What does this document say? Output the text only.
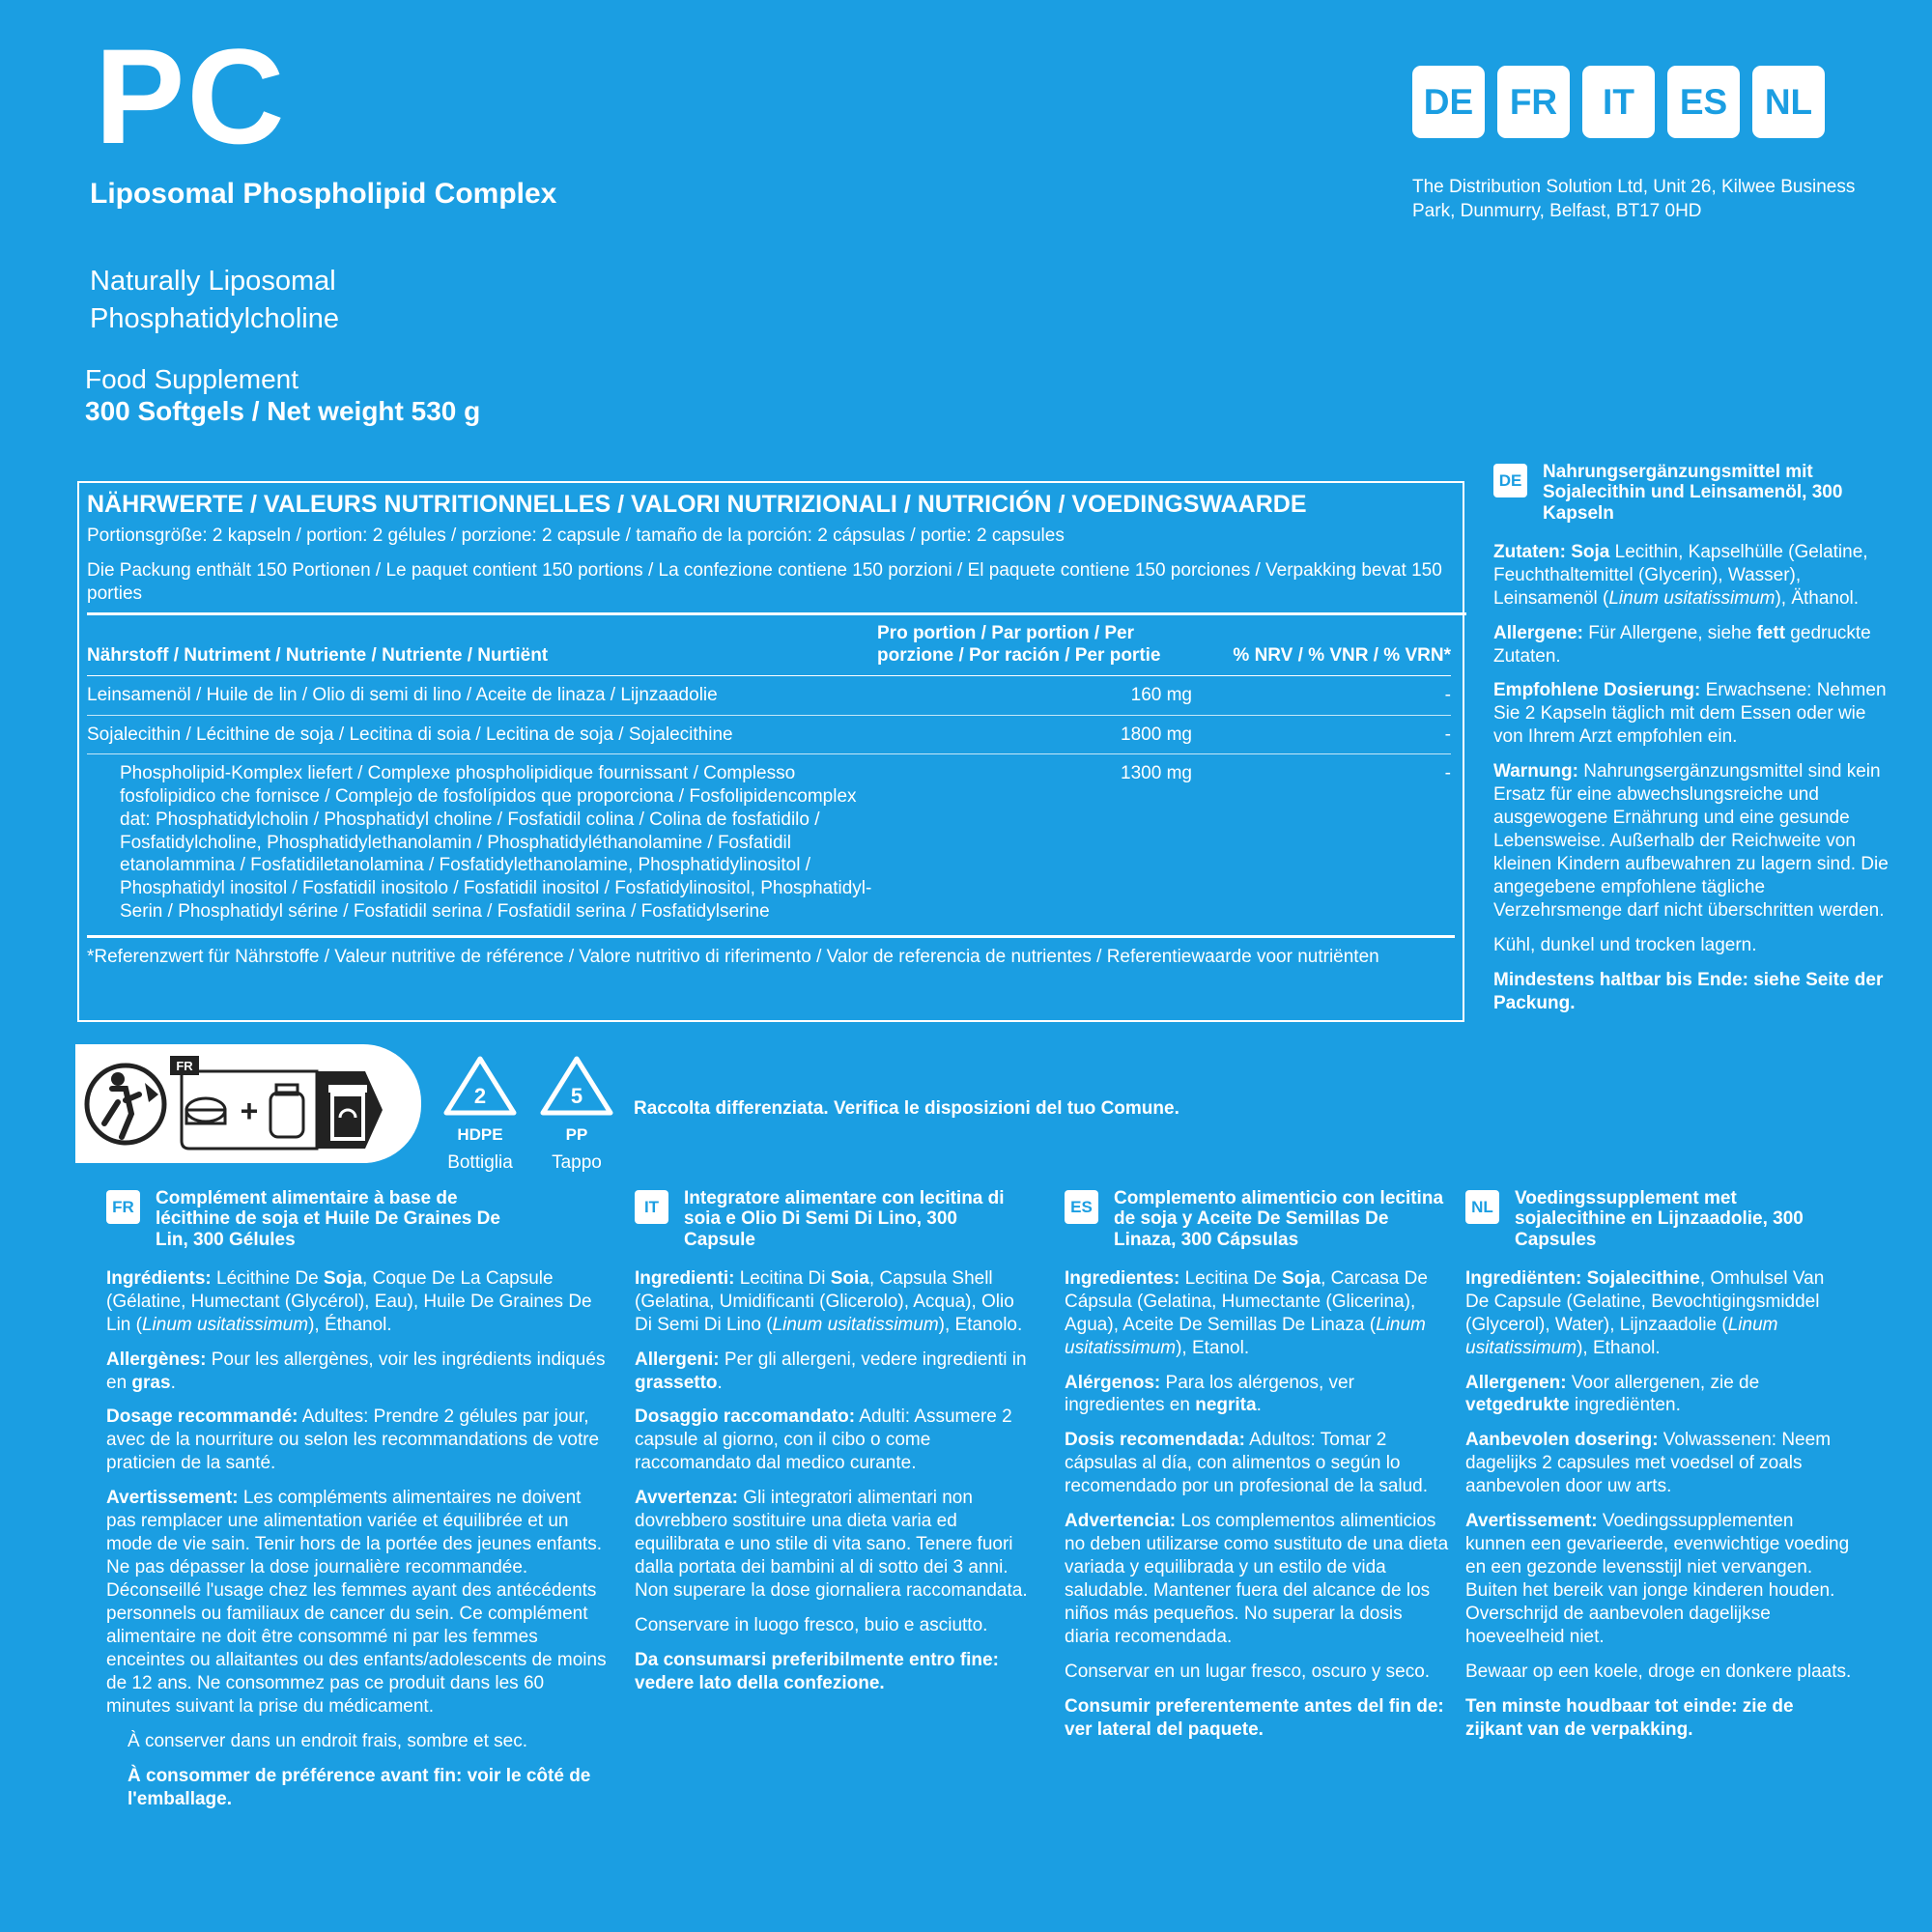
PC
Liposomal Phospholipid Complex
Naturally Liposomal Phosphatidylcholine
Food Supplement
300 Softgels / Net weight 530 g
DE	FR	IT	ES	NL
The Distribution Solution Ltd, Unit 26, Kilwee Business Park, Dunmurry, Belfast, BT17 0HD
NÄHRWERTE / VALEURS NUTRITIONNELLES / VALORI NUTRIZIONALI / NUTRICIÓN / VOEDINGSWAARDE
Portionsgröße: 2 kapseln / portion: 2 gélules / porzione: 2 capsule / tamaño de la porción: 2 cápsulas / portie: 2 capsules
Die Packung enthält 150 Portionen / Le paquet contient 150 portions / La confezione contiene 150 porzioni / El paquete contiene 150 porciones / Verpakking bevat 150 porties
Nährstoff / Nutriment / Nutriente / Nutriente / Nurtiënt	Pro portion / Par portion / Per porzione / Por ración / Per portie	% NRV / % VNR / % VRN*
Leinsamenöl / Huile de lin / Olio di semi di lino / Aceite de linaza / Lijnzaadolie	160 mg	-
Sojalecithin / Lécithine de soja / Lecitina di soia / Lecitina de soja / Sojalecithine	1800 mg	-
Phospholipid-Komplex liefert / Complexe phospholipidique fournissant / Complesso fosfolipidico che fornisce / Complejo de fosfolípidos que proporciona / Fosfolipidencomplex dat: Phosphatidylcholin / Phosphatidyl choline / Fosfatidil colina / Colina de fosfatidilo / Fosfatidylcholine, Phosphatidylethanolamin / Phosphatidyléthanolamine / Fosfatidil etanolammina / Fosfatidiletanolamina / Fosfatidylethanolamine, Phosphatidylinositol / Phosphatidyl inositol / Fosfatidil inositolo / Fosfatidil inositol / Fosfatidylinositol, Phosphatidyl-Serin / Phosphatidyl sérine / Fosfatidil serina / Fosfatidil serina / Fosfatidylserine	1300 mg	-
*Referenzwert für Nährstoffe / Valeur nutritive de référence / Valore nutritivo di riferimento / Valor de referencia de nutrientes / Referentiewaarde voor nutriënten
FR
+	2
HDPE
Bottiglia
5
PP
Tappo
Raccolta differenziata. Verifica le disposizioni del tuo Comune.
DE Nahrungsergänzungsmittel mit Sojalecithin und Leinsamenöl, 300 Kapseln

Zutaten: Soja Lecithin, Kapselhülle (Gelatine, Feuchthaltemittel (Glycerin), Wasser), Leinsamenöl (Linum usitatissimum), Äthanol.

Allergene: Für Allergene, siehe fett gedruckte Zutaten.

Empfohlene Dosierung: Erwachsene: Nehmen Sie 2 Kapseln täglich mit dem Essen oder wie von Ihrem Arzt empfohlen ein.

Warnung: Nahrungsergänzungsmittel sind kein Ersatz für eine abwechslungsreiche und ausgewogene Ernährung und eine gesunde Lebensweise. Außerhalb der Reichweite von kleinen Kindern aufbewahren zu lagern sind. Die angegebene empfohlene tägliche Verzehrsmenge darf nicht überschritten werden.

Kühl, dunkel und trocken lagern.

Mindestens haltbar bis Ende: siehe Seite der Packung.

FR	Complément alimentaire à base de lécithine de soja et Huile De Graines De Lin, 300 Gélules

Ingrédients: Lécithine De Soja, Coque De La Capsule (Gélatine, Humectant (Glycérol), Eau), Huile De Graines De Lin (Linum usitatissimum), Éthanol.

Allergènes: Pour les allergènes, voir les ingrédients indiqués en gras.

Dosage recommandé: Adultes: Prendre 2 gélules par jour, avec de la nourriture ou selon les recommandations de votre praticien de la santé.

Avertissement: Les compléments alimentaires ne doivent pas remplacer une alimentation variée et équilibrée et un mode de vie sain. Tenir hors de la portée des jeunes enfants. Ne pas dépasser la dose journalière recommandée. Déconseillé l'usage chez les femmes ayant des antécédents personnels ou familiaux de cancer du sein. Ce complément alimentaire ne doit être consommé ni par les femmes enceintes ou allaitantes ou des enfants/adolescents de moins de 12 ans. Ne consommez pas ce produit dans les 60 minutes suivant la prise du médicament.

À conserver dans un endroit frais, sombre et sec.

À consommer de préférence avant fin: voir le côté de l'emballage.

IT	Integratore alimentare con lecitina di soia e Olio Di Semi Di Lino, 300 Capsule

Ingredienti: Lecitina Di Soia, Capsula Shell (Gelatina, Umidificanti (Glicerolo), Acqua), Olio Di Semi Di Lino (Linum usitatissimum), Etanolo.

Allergeni: Per gli allergeni, vedere ingredienti in grassetto.

Dosaggio raccomandato: Adulti: Assumere 2 capsule al giorno, con il cibo o come raccomandato dal medico curante.

Avvertenza: Gli integratori alimentari non dovrebbero sostituire una dieta varia ed equilibrata e uno stile di vita sano. Tenere fuori dalla portata dei bambini al di sotto dei 3 anni. Non superare la dose giornaliera raccomandata.

Conservare in luogo fresco, buio e asciutto.

Da consumarsi preferibilmente entro fine: vedere lato della confezione.

ES	Complemento alimenticio con lecitina de soja y Aceite De Semillas De Linaza, 300 Cápsulas

Ingredientes: Lecitina De Soja, Carcasa De Cápsula (Gelatina, Humectante (Glicerina), Agua), Aceite De Semillas De Linaza (Linum usitatissimum), Etanol.

Alérgenos: Para los alérgenos, ver ingredientes en negrita.

Dosis recomendada: Adultos: Tomar 2 cápsulas al día, con alimentos o según lo recomendado por un profesional de la salud.

Advertencia: Los complementos alimenticios no deben utilizarse como sustituto de una dieta variada y equilibrada y un estilo de vida saludable. Mantener fuera del alcance de los niños más pequeños. No superar la dosis diaria recomendada.

Conservar en un lugar fresco, oscuro y seco.

Consumir preferentemente antes del fin de: ver lateral del paquete.

NL	Voedingssupplement met sojalecithine en Lijnzaadolie, 300 Capsules

Ingrediënten: Sojalecithine, Omhulsel Van De Capsule (Gelatine, Bevochtigingsmiddel (Glycerol), Water), Lijnzaadolie (Linum usitatissimum), Ethanol.

Allergenen: Voor allergenen, zie de vetgedrukte ingrediënten.

Aanbevolen dosering: Volwassenen: Neem dagelijks 2 capsules met voedsel of zoals aanbevolen door uw arts.

Avertissement: Voedingssupplementen kunnen een gevarieerde, evenwichtige voeding en een gezonde levensstijl niet vervangen. Buiten het bereik van jonge kinderen houden. Overschrijd de aanbevolen dagelijkse hoeveelheid niet.

Bewaar op een koele, droge en donkere plaats.

Ten minste houdbaar tot einde: zie de zijkant van de verpakking.
